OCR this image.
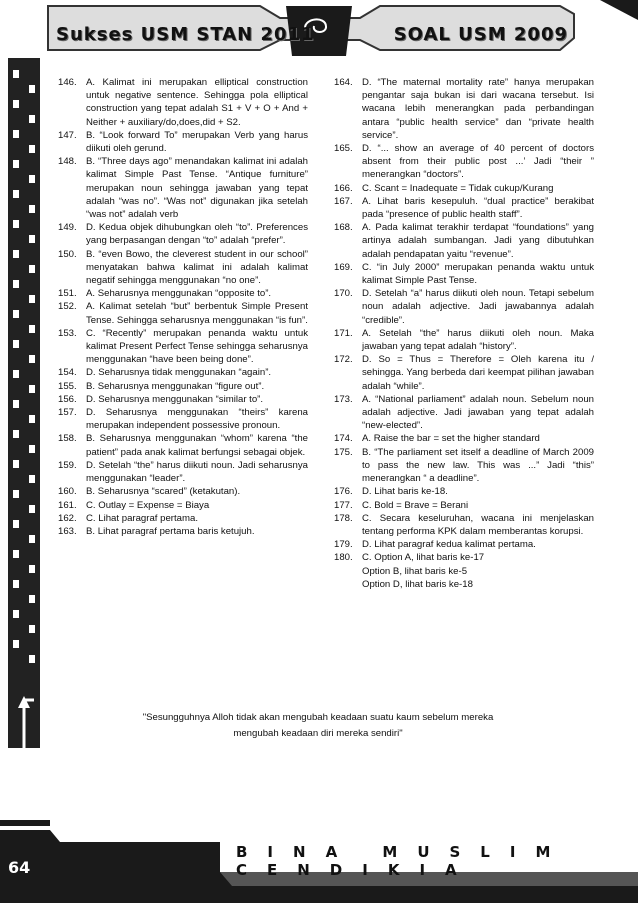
Sukses USM STAN 2011	SOAL USM 2009
146. A. Kalimat ini merupakan elliptical construction untuk negative sentence. Sehingga pola elliptical construction yang tepat adalah S1 + V + O + And + Neither + auxiliary/do,does,did + S2.
147. B. “Look forward To” merupakan Verb yang harus diikuti oleh gerund.
148. B. “Three days ago” menandakan kalimat ini adalah kalimat Simple Past Tense. “Antique furniture” merupakan noun sehingga jawaban yang tepat adalah “was no”. “Was not” digunakan jika setelah “was not” adalah verb
149. D. Kedua objek dihubungkan oleh “to”. Preferences yang berpasangan dengan “to” adalah “prefer”.
150. B. “even Bowo, the cleverest student in our school” menyatakan bahwa kalimat ini adalah kalimat negatif sehingga menggunakan “no one”.
151. A. Seharusnya menggunakan “opposite to”.
152. A. Kalimat setelah “but” berbentuk Simple Present Tense. Sehingga seharusnya menggunakan “is fun”.
153. C. “Recently” merupakan penanda waktu untuk kalimat Present Perfect Tense sehingga seharusnya menggunakan “have been being done”.
154. D. Seharusnya tidak menggunakan “again”.
155. B. Seharusnya menggunakan “figure out”.
156. D. Seharusnya menggunakan “similar to”.
157. D. Seharusnya menggunakan “theirs” karena merupakan independent possessive pronoun.
158. B. Seharusnya menggunakan “whom” karena “the patient” pada anak kalimat berfungsi sebagai objek.
159. D. Setelah “the” harus diikuti noun. Jadi seharusnya menggunakan “leader”.
160. B. Seharusnya “scared” (ketakutan).
161. C. Outlay = Expense = Biaya
162. C. Lihat paragraf pertama.
163. B. Lihat paragraf pertama baris ketujuh.
164. D. “The maternal mortality rate” hanya merupakan pengantar saja bukan isi dari wacana tersebut. Isi wacana lebih menerangkan pada perbandingan antara “public health service” dan “private health service”.
165. D. “... show an average of 40 percent of doctors absent from their public post ...’ Jadi “their ” menerangkan “doctors”.
166. C. Scant = Inadequate = Tidak cukup/Kurang
167. A. Lihat baris kesepuluh. “dual practice” berakibat pada “presence of public health staff”.
168. A. Pada kalimat terakhir terdapat “foundations” yang artinya adalah sumbangan. Jadi yang dibutuhkan adalah pendapatan yaitu “revenue”.
169. C. “in July 2000” merupakan penanda waktu untuk kalimat Simple Past Tense.
170. D. Setelah “a” harus diikuti oleh noun. Tetapi sebelum noun adalah adjective. Jadi jawabannya adalah “credible”.
171. A. Setelah “the” harus diikuti oleh noun. Maka jawaban yang tepat adalah “history”.
172. D. So = Thus = Therefore = Oleh karena itu / sehingga. Yang berbeda dari keempat pilihan jawaban adalah “while”.
173. A. “National parliament” adalah noun. Sebelum noun adalah adjective. Jadi jawaban yang tepat adalah “new-elected”.
174. A. Raise the bar = set the higher standard
175. B. “The parliament set itself a deadline of March 2009 to pass the new law. This was ...” Jadi “this” menerangkan “ a deadline”.
176. D. Lihat baris ke-18.
177. C. Bold = Brave = Berani
178. C. Secara keseluruhan, wacana ini menjelaskan tentang performa KPK dalam memberantas korupsi.
179. D. Lihat paragraf kedua kalimat pertama.
180. C. Option A, lihat baris ke-17
Option B, lihat baris ke-5
Option D, lihat baris ke-18
"Sesungguhnya Alloh tidak akan mengubah keadaan suatu kaum sebelum mereka
mengubah keadaan diri mereka sendiri"
64
BINA MUSLIM CENDIKIA
